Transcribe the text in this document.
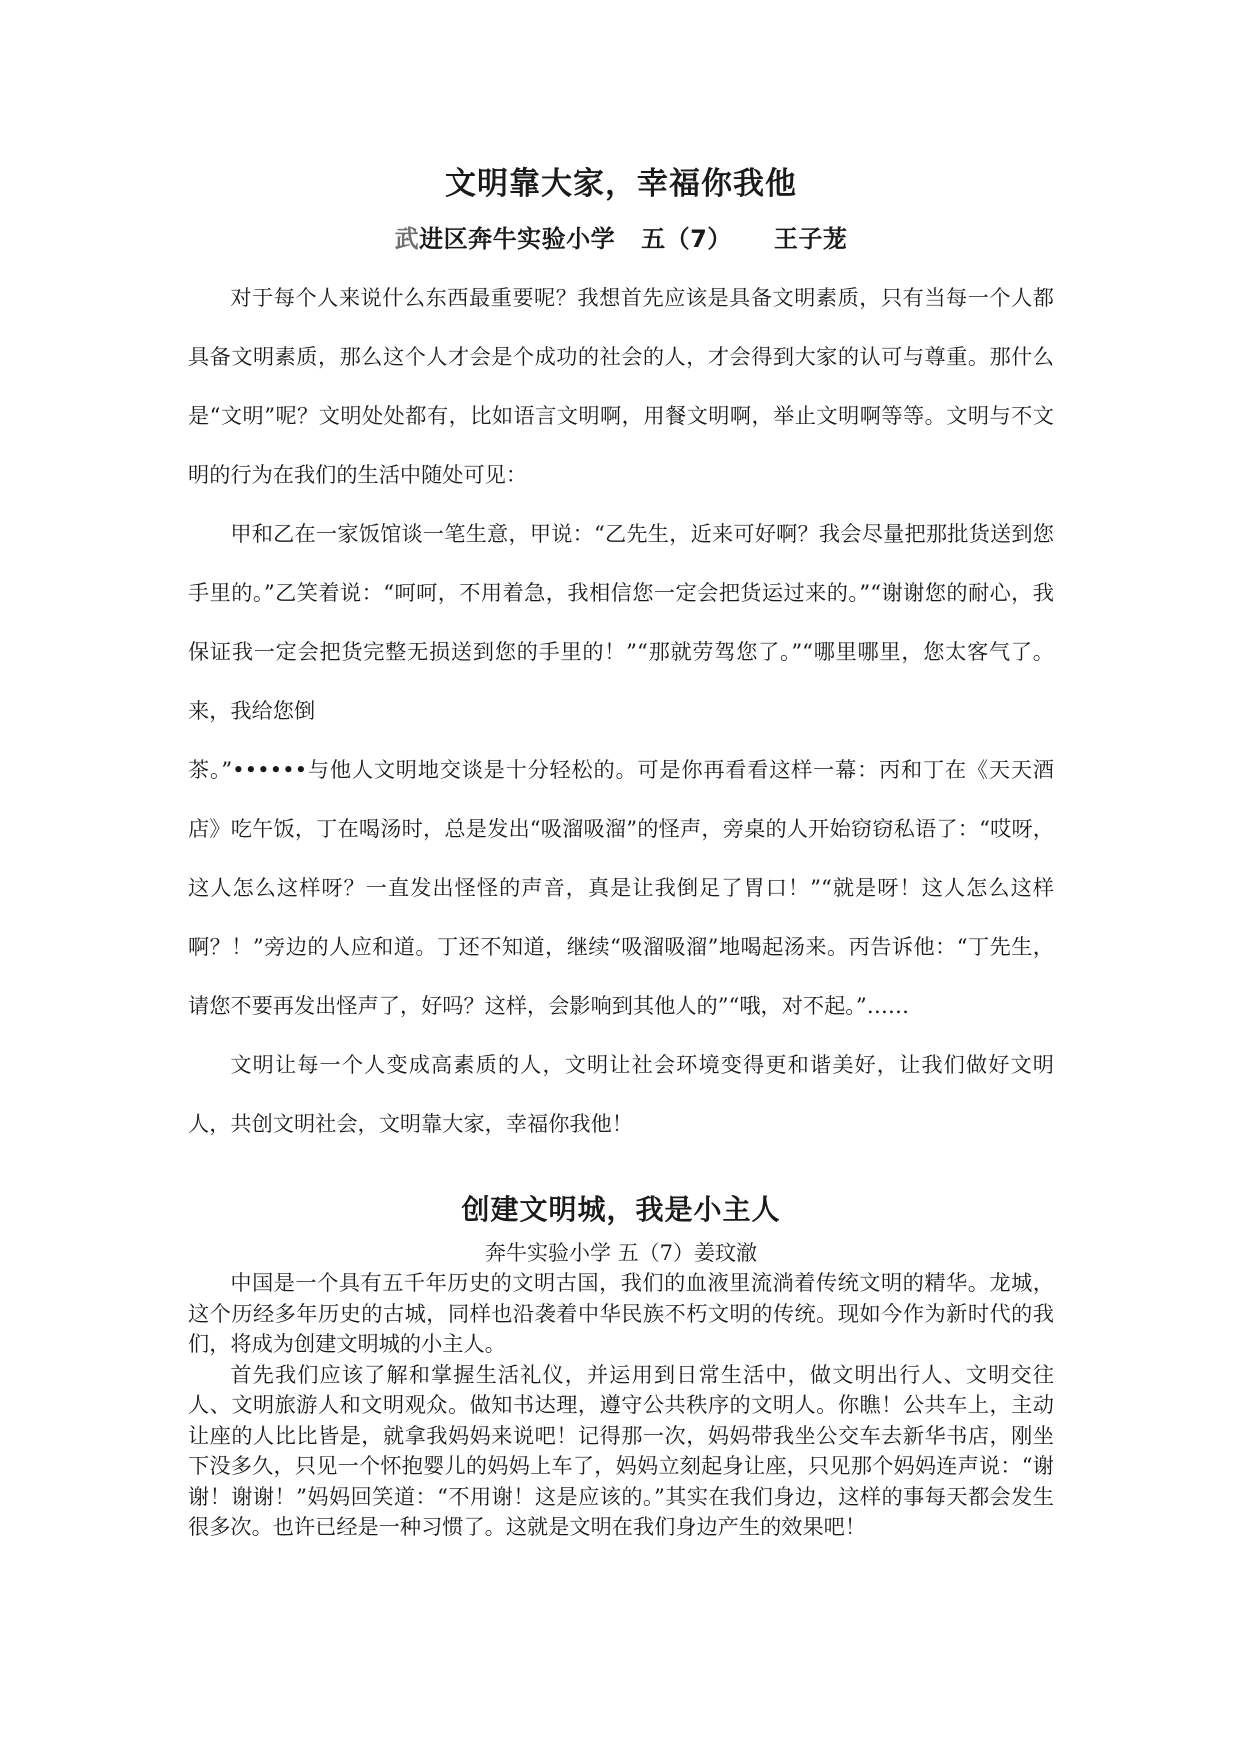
文明靠大家，幸福你我他
武进区奔牛实验小学 五（7） 王子茏

对于每个人来说什么东西最重要呢？我想首先应该是具备文明素质，只有当每一个人都具备文明素质，那么这个人才会是个成功的社会的人，才会得到大家的认可与尊重。那什么是“文明”呢？文明处处都有，比如语言文明啊，用餐文明啊，举止文明啊等等。文明与不文明的行为在我们的生活中随处可见：

甲和乙在一家饭馆谈一笔生意，甲说：“乙先生，近来可好啊？我会尽量把那批货送到您手里的。”乙笑着说：“呵呵，不用着急，我相信您一定会把货运过来的。”“谢谢您的耐心，我保证我一定会把货完整无损送到您的手里的！”“那就劳驾您了。”“哪里哪里，您太客气了。来，我给您倒

茶。”••••••与他人文明地交谈是十分轻松的。可是你再看看这样一幕：丙和丁在《天天酒店》吃午饭，丁在喝汤时，总是发出“吸溜吸溜”的怪声，旁桌的人开始窃窃私语了：“哎呀，这人怎么这样呀？一直发出怪怪的声音，真是让我倒足了胃口！”“就是呀！这人怎么这样啊？！”旁边的人应和道。丁还不知道，继续“吸溜吸溜”地喝起汤来。丙告诉他：“丁先生，请您不要再发出怪声了，好吗？这样，会影响到其他人的”“哦，对不起。”……

文明让每一个人变成高素质的人，文明让社会环境变得更和谐美好，让我们做好文明人，共创文明社会，文明靠大家，幸福你我他！

创建文明城，我是小主人
奔牛实验小学 五（7）姜玟澈

中国是一个具有五千年历史的文明古国，我们的血液里流淌着传统文明的精华。龙城，这个历经多年历史的古城，同样也沿袭着中华民族不朽文明的传统。现如今作为新时代的我们，将成为创建文明城的小主人。

首先我们应该了解和掌握生活礼仪，并运用到日常生活中，做文明出行人、文明交往人、文明旅游人和文明观众。做知书达理，遵守公共秩序的文明人。你瞧！公共车上，主动让座的人比比皆是，就拿我妈妈来说吧！记得那一次，妈妈带我坐公交车去新华书店，刚坐下没多久，只见一个怀抱婴儿的妈妈上车了，妈妈立刻起身让座，只见那个妈妈连声说：“谢谢！谢谢！”妈妈回笑道：“不用谢！这是应该的。”其实在我们身边，这样的事每天都会发生很多次。也许已经是一种习惯了。这就是文明在我们身边产生的效果吧！
